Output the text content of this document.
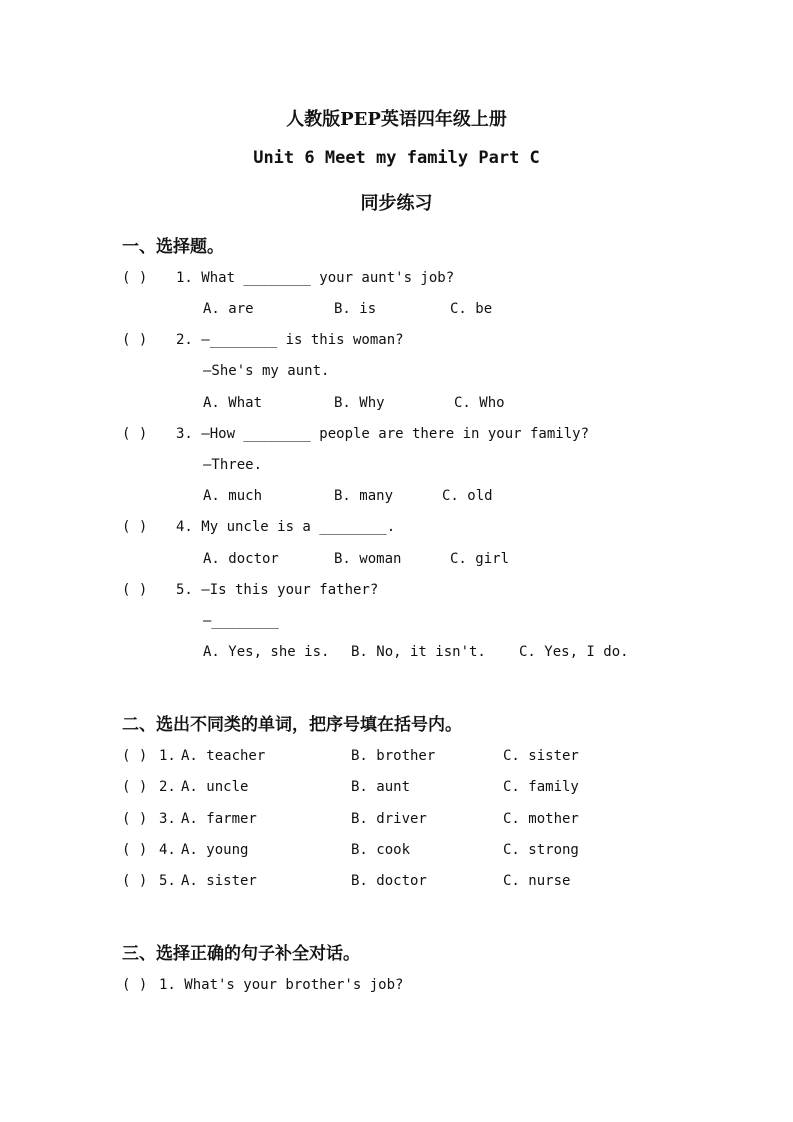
人教版PEP英语四年级上册
Unit 6 Meet my family Part C
同步练习
一、选择题。
( ) 1. What ________ your aunt's job?
A. are	B. is	C. be
( ) 2. —________ is this woman?
—She's my aunt.
A. What	B. Why	C. Who
( ) 3. —How ________ people are there in your family?
—Three.
A. much	B. many	C. old
( ) 4. My uncle is a ________.
A. doctor	B. woman	C. girl
( ) 5. —Is this your father?
—________
A. Yes, she is. B. No, it isn't. C. Yes, I do.
二、选出不同类的单词，把序号填在括号内。
( ) 1. A. teacher	B. brother	C. sister
( ) 2. A. uncle	B. aunt	C. family
( ) 3. A. farmer	B. driver	C. mother
( ) 4. A. young	B. cook	C. strong
( ) 5. A. sister	B. doctor	C. nurse
三、选择正确的句子补全对话。
( ) 1. What's your brother's job?
